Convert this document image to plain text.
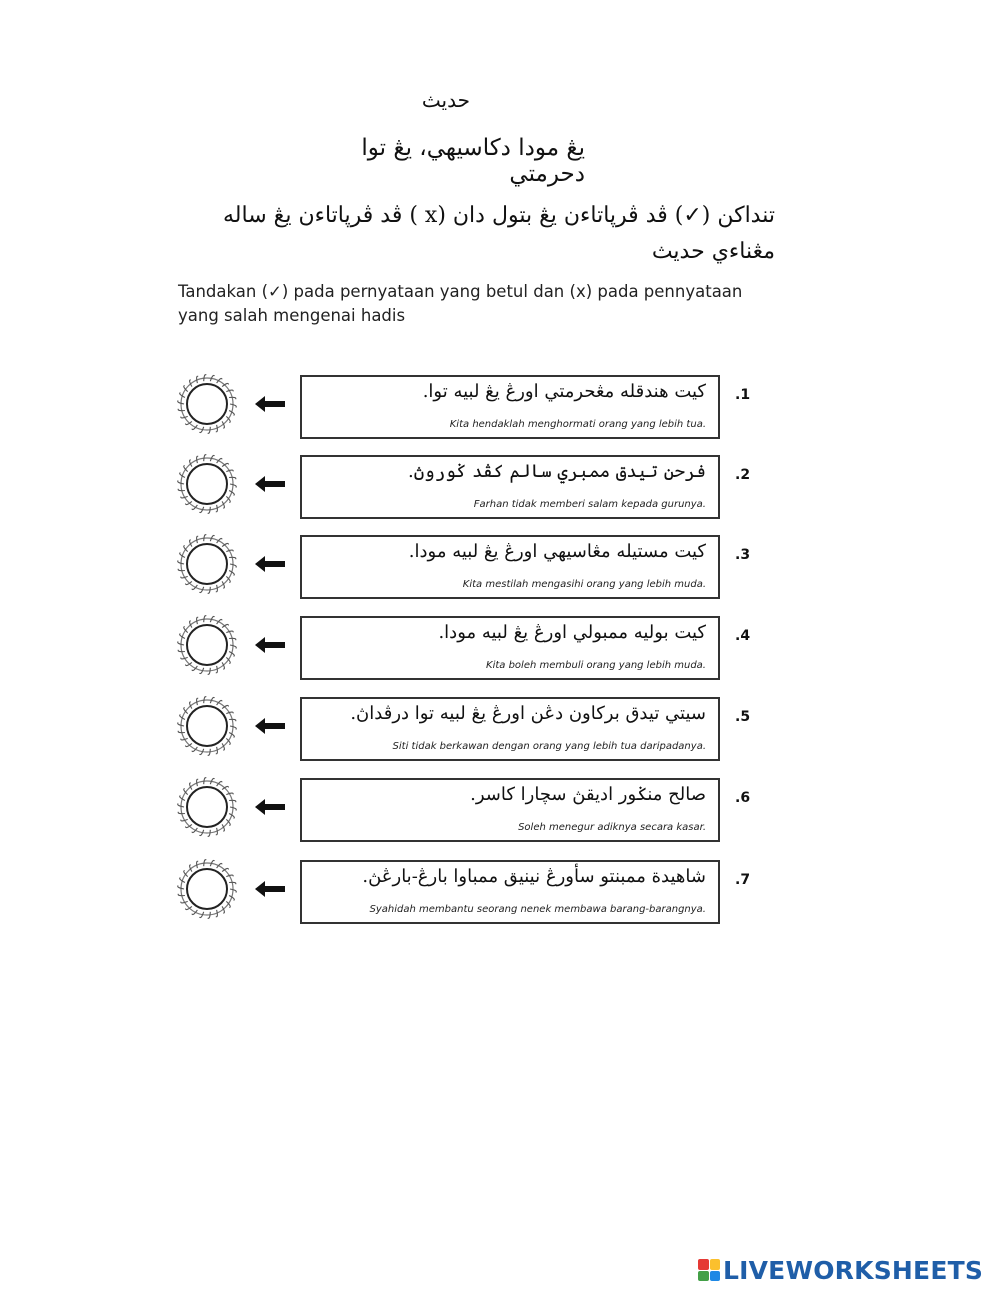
حديث
يڠ مودا دكاسيهي، يڠ توا دحرمتي
تنداکن (✓) ڤد ڤرڽاتاءن يڠ بتول دان (x ) ڤد ڤرڽاتاءن يڠ ساله مڠناءي حديث
Tandakan (✓) pada pernyataan yang betul dan (x) pada pennyataan yang salah mengenai hadis
کيت هندقله مڠحرمتي اورڠ يڠ لبيه توا.
Kita hendaklah menghormati orang yang lebih tua.
.1
فرحن تيدق ممبري سالم کڤد ݢوروڽ.
Farhan tidak memberi salam kepada gurunya.
.2
کيت مستيله مڠاسيهي اورڠ يڠ لبيه مودا.
Kita mestilah mengasihi orang yang lebih muda.
.3
کيت بوليه ممبولي اورڠ يڠ لبيه مودا.
Kita boleh membuli orang yang lebih muda.
.4
سيتي تيدق برکاون دڠن اورڠ يڠ لبيه توا درڤداڽ.
Siti tidak berkawan dengan orang yang lebih tua daripadanya.
.5
صالح منݢور اديقڽ سچارا کاسر.
Soleh menegur adiknya secara kasar.
.6
شاهيدة ممبنتو سأورڠ نينيق ممباوا بارڠ-بارڠڽ.
Syahidah membantu seorang nenek membawa barang-barangnya.
.7
LIVEWORKSHEETS
